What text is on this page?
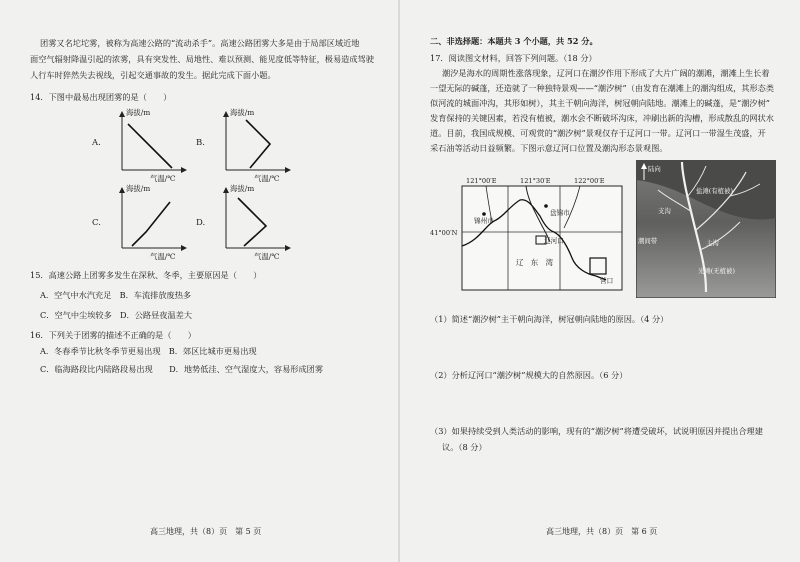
团雾又名坨坨雾，被称为高速公路的“流动杀手”。高速公路团雾大多是由于局部区域近地
面空气辐射降温引起的浓雾，具有突发性、局地性、难以预测、能见度低等特征，极易造成驾驶
人行车时猝然失去视线，引起交通事故的发生。据此完成下面小题。
14．下图中最易出现团雾的是（　　）
A.
海拔/m
气温/℃
B.
海拔/m
气温/℃
C.
海拔/m
气温/℃
D.
海拔/m
气温/℃
15．高速公路上团雾多发生在深秋、冬季，主要原因是（　　）
A．空气中水汽充足　B．车流排放废热多
C．空气中尘埃较多　D．公路昼夜温差大
16．下列关于团雾的描述不正确的是（　　）
A．冬春季节比秋冬季节更易出现　B．郊区比城市更易出现
C．临海路段比内陆路段易出现　　D．地势低洼、空气湿度大，容易形成团雾
高三地理，共（8）页　第 5 页
二、非选择题：本题共 3 个小题，共 52 分。
17．阅读图文材料，回答下列问题。（18 分）
潮汐是海水的周期性涨落现象，辽河口在潮汐作用下形成了大片广阔的潮滩，潮滩上生长着
一望无际的碱蓬，还造就了一种独特景观——“潮汐树”（由发育在潮滩上的潮沟组成，其形态类
似河流的城面冲沟，其形如树），其主干朝向海洋，树冠朝向陆地。潮滩上的碱蓬，是“潮汐树”
发育保持的关键因素，若没有植被，潮水会不断破坏沟床，冲刷出新的沟槽，形成散乱的网状水
道。目前，我国成规模、可观赏的“潮汐树”景观仅存于辽河口一带。辽河口一带湿生茂盛，开
采石油等活动日益频繁。下图示意辽河口位置及潮沟形态景观图。
121°00′E	121°30′E	122°00′E
41°00′N
锦州市
盘锦市
营口
辽河口
辽　东　湾
陆向
盐滩(有植被)
支沟
主沟
潮间带
光滩(无植被)
（1）简述“潮汐树”主干朝向海洋，树冠朝向陆地的原因。（4 分）
（2）分析辽河口“潮汐树”规模大的自然原因。（6 分）
（3）如果持续受到人类活动的影响，现有的“潮汐树”将遭受破坏，试说明原因并提出合理建
议。（8 分）
高三地理，共（8）页　第 6 页
